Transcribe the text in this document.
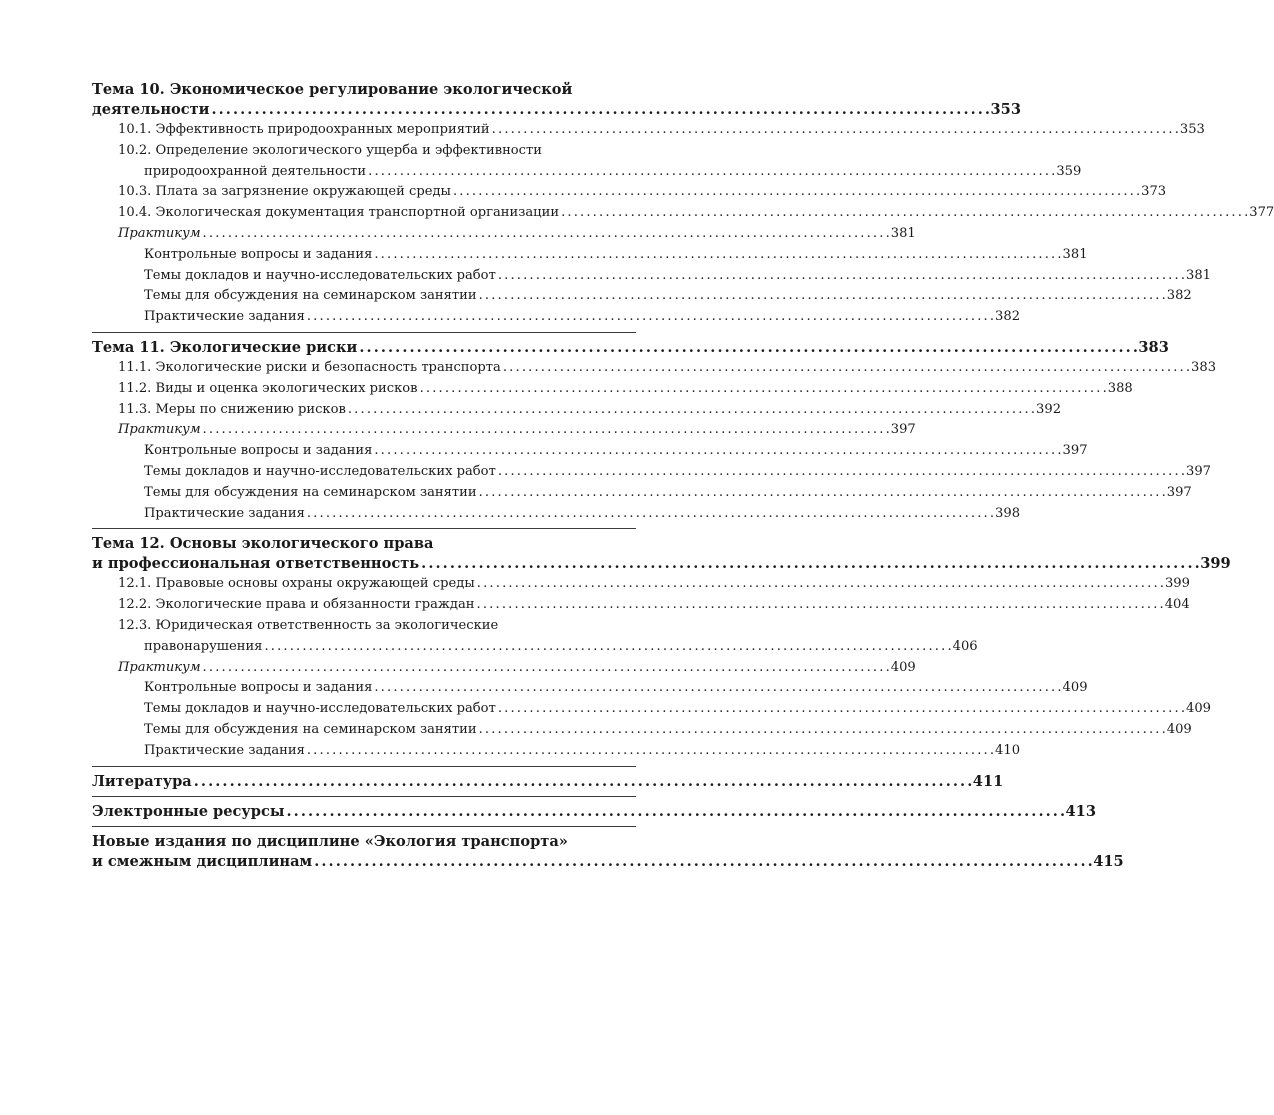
Тема 10. Экономическое регулирование экологической
деятельности . . .	353
10.1. Эффективность природоохранных мероприятий . . .	353
10.2. Определение экологического ущерба и эффективности
природоохранной деятельности . . .	359
10.3. Плата за загрязнение окружающей среды . . .	373
10.4. Экологическая документация транспортной организации . . .	377
Практикум . . .	381
Контрольные вопросы и задания . . .	381
Темы докладов и научно-исследовательских работ . . .	381
Темы для обсуждения на семинарском занятии . . .	382
Практические задания . . .	382
Тема 11. Экологические риски . . .	383
11.1. Экологические риски и безопасность транспорта . . .	383
11.2. Виды и оценка экологических рисков . . .	388
11.3. Меры по снижению рисков . . .	392
Практикум . . .	397
Контрольные вопросы и задания . . .	397
Темы докладов и научно-исследовательских работ . . .	397
Темы для обсуждения на семинарском занятии . . .	397
Практические задания . . .	398
Тема 12. Основы экологического права
и профессиональная ответственность . . .	399
12.1. Правовые основы охраны окружающей среды . . .	399
12.2. Экологические права и обязанности граждан . . .	404
12.3. Юридическая ответственность за экологические
правонарушения . . .	406
Практикум . . .	409
Контрольные вопросы и задания . . .	409
Темы докладов и научно-исследовательских работ . . .	409
Темы для обсуждения на семинарском занятии . . .	409
Практические задания . . .	410
Литература . . .	411
Электронные ресурсы . . .	413
Новые издания по дисциплине «Экология транспорта»
и смежным дисциплинам . . .	415
